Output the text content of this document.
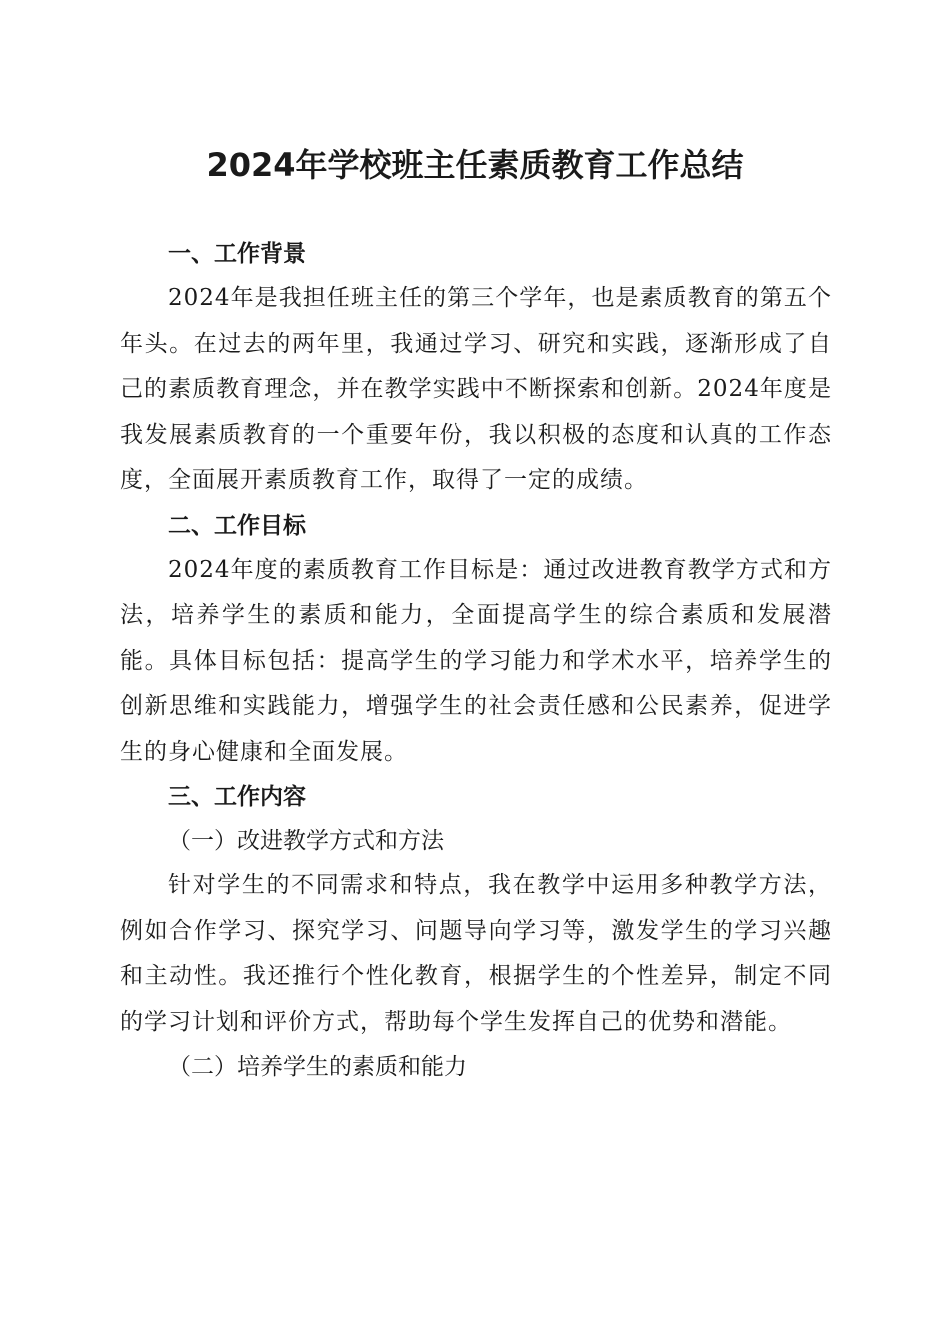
2024年学校班主任素质教育工作总结
一、工作背景

2024年是我担任班主任的第三个学年，也是素质教育的第五个年头。在过去的两年里，我通过学习、研究和实践，逐渐形成了自己的素质教育理念，并在教学实践中不断探索和创新。2024年度是我发展素质教育的一个重要年份，我以积极的态度和认真的工作态度，全面展开素质教育工作，取得了一定的成绩。

二、工作目标

2024年度的素质教育工作目标是：通过改进教育教学方式和方法，培养学生的素质和能力，全面提高学生的综合素质和发展潜能。具体目标包括：提高学生的学习能力和学术水平，培养学生的创新思维和实践能力，增强学生的社会责任感和公民素养，促进学生的身心健康和全面发展。

三、工作内容
（一）改进教学方式和方法

针对学生的不同需求和特点，我在教学中运用多种教学方法，例如合作学习、探究学习、问题导向学习等，激发学生的学习兴趣和主动性。我还推行个性化教育，根据学生的个性差异，制定不同的学习计划和评价方式，帮助每个学生发挥自己的优势和潜能。

（二）培养学生的素质和能力
